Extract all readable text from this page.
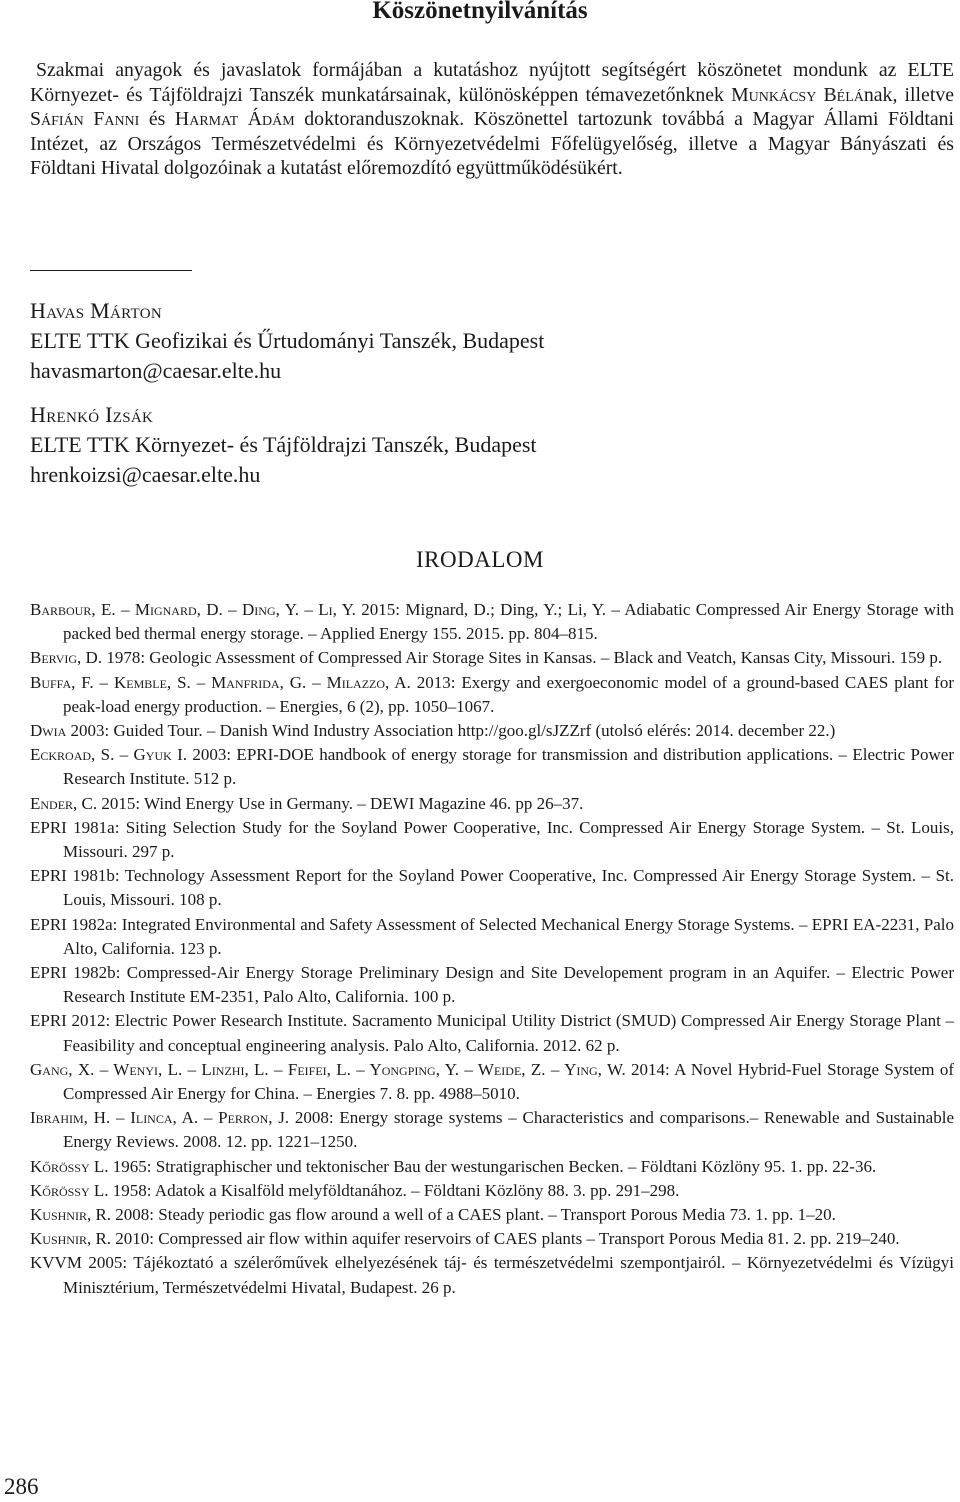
Köszönetnyilvánítás

Szakmai anyagok és javaslatok formájában a kutatáshoz nyújtott segítségért köszönetet mondunk az ELTE Környezet- és Tájföldrajzi Tanszék munkatársainak, különösképpen témavezetőnknek Munkácsy Bélának, illetve Sáfián Fanni és Harmat Ádám doktoranduszoknak. Köszönettel tartozunk továbbá a Magyar Állami Földtani Intézet, az Országos Természetvédelmi és Környezetvédelmi Főfelügyelőség, illetve a Magyar Bányászati és Földtani Hivatal dolgozóinak a kutatást előremozdító együttműködésükért.

Havas Márton
ELTE TTK Geofizikai és Űrtudományi Tanszék, Budapest
havasmarton@caesar.elte.hu
Hrenkó Izsák
ELTE TTK Környezet- és Tájföldrajzi Tanszék, Budapest
hrenkoizsi@caesar.elte.hu
IRODALOM

Barbour, E. – Mignard, D. – Ding, Y. – Li, Y. 2015: Mignard, D.; Ding, Y.; Li, Y. – Adiabatic Compressed Air Energy Storage with packed bed thermal energy storage. – Applied Energy 155. 2015. pp. 804–815.

Bervig, D. 1978: Geologic Assessment of Compressed Air Storage Sites in Kansas. – Black and Veatch, Kansas City, Missouri. 159 p.

Buffa, F. – Kemble, S. – Manfrida, G. – Milazzo, A. 2013: Exergy and exergoeconomic model of a ground-based CAES plant for peak-load energy production. – Energies, 6 (2), pp. 1050–1067.

Dwia 2003: Guided Tour. – Danish Wind Industry Association http://goo.gl/sJZZrf (utolsó elérés: 2014. december 22.)

Eckroad, S. – Gyuk I. 2003: EPRI-DOE handbook of energy storage for transmission and distribution applications. – Electric Power Research Institute. 512 p.

Ender, C. 2015: Wind Energy Use in Germany. – DEWI Magazine 46. pp 26–37.

EPRI 1981a: Siting Selection Study for the Soyland Power Cooperative, Inc. Compressed Air Energy Storage System. – St. Louis, Missouri. 297 p.

EPRI 1981b: Technology Assessment Report for the Soyland Power Cooperative, Inc. Compressed Air Energy Storage System. – St. Louis, Missouri. 108 p.

EPRI 1982a: Integrated Environmental and Safety Assessment of Selected Mechanical Energy Storage Systems. – EPRI EA-2231, Palo Alto, California. 123 p.

EPRI 1982b: Compressed-Air Energy Storage Preliminary Design and Site Developement program in an Aquifer. – Electric Power Research Institute EM-2351, Palo Alto, California. 100 p.

EPRI 2012: Electric Power Research Institute. Sacramento Municipal Utility District (SMUD) Compressed Air Energy Storage Plant – Feasibility and conceptual engineering analysis. Palo Alto, California. 2012. 62 p.

Gang, X. – Wenyi, L. – Linzhi, L. – Feifei, L. – Yongping, Y. – Weide, Z. – Ying, W. 2014: A Novel Hybrid-Fuel Storage System of Compressed Air Energy for China. – Energies 7. 8. pp. 4988–5010.

Ibrahim, H. – Ilinca, A. – Perron, J. 2008: Energy storage systems – Characteristics and comparisons.– Renewable and Sustainable Energy Reviews. 2008. 12. pp. 1221–1250.

Kőrössy L. 1965: Stratigraphischer und tektonischer Bau der westungarischen Becken. – Földtani Közlöny 95. 1. pp. 22-36.

Kőrössy L. 1958: Adatok a Kisalföld melyföldtanához. – Földtani Közlöny 88. 3. pp. 291–298.

Kushnir, R. 2008: Steady periodic gas flow around a well of a CAES plant. – Transport Porous Media 73. 1. pp. 1–20.

Kushnir, R. 2010: Compressed air flow within aquifer reservoirs of CAES plants – Transport Porous Media 81. 2. pp. 219–240.

KVVM 2005: Tájékoztató a szélerőművek elhelyezésének táj- és természetvédelmi szempontjairól. – Környezetvédelmi és Vízügyi Minisztérium, Természetvédelmi Hivatal, Budapest. 26 p.

286
